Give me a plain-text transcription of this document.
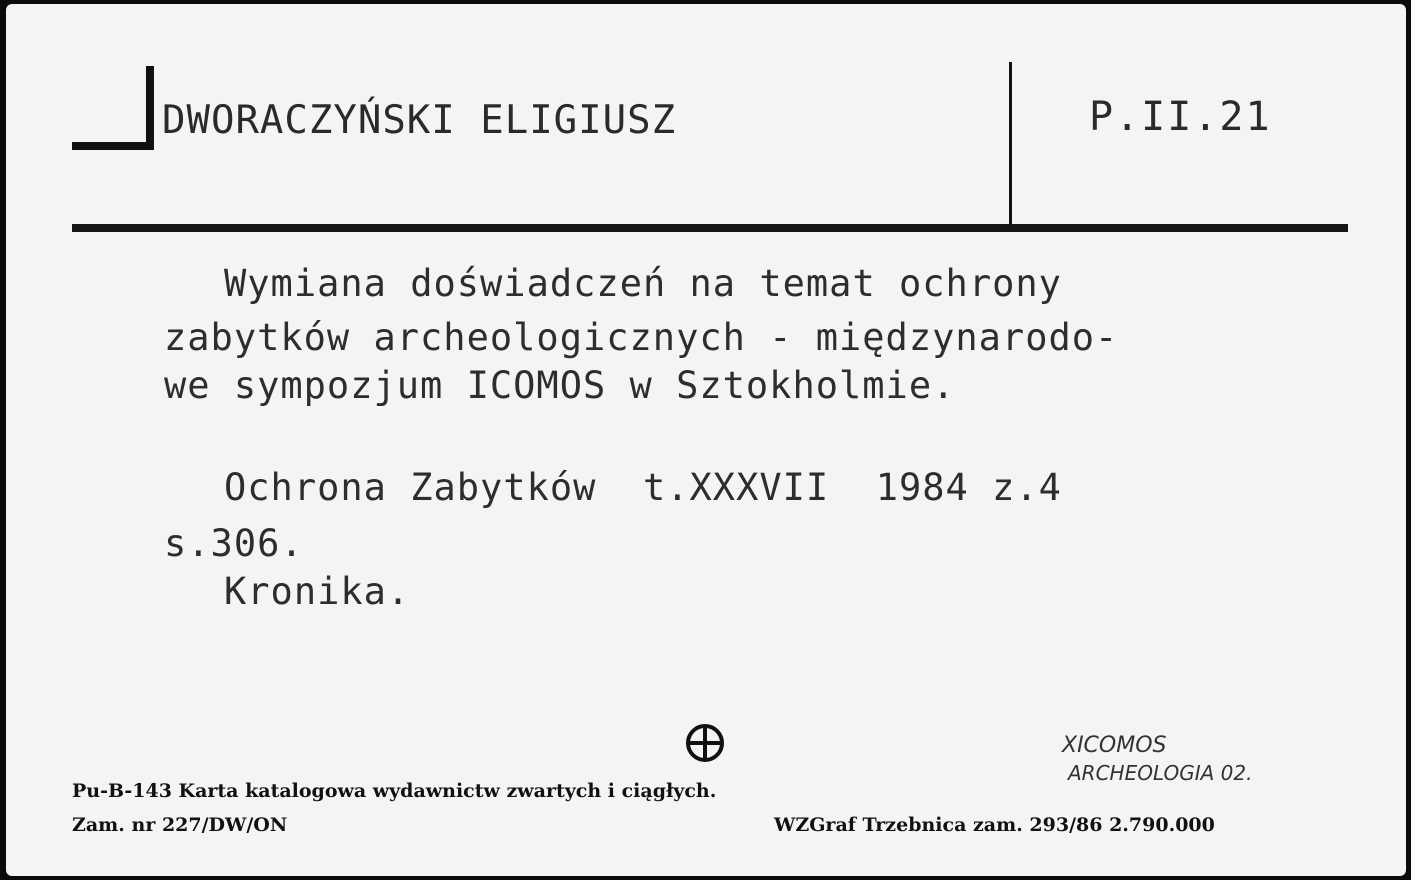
DWORACZYŃSKI ELIGIUSZ	P.II.21
Wymiana doświadczeń na temat ochrony
zabytków archeologicznych - międzynarodo-
we sympozjum ICOMOS w Sztokholmie.
Ochrona Zabytków  t.XXXVII  1984 z.4
s.306.
Kronika.
XICOMOS
ARCHEOLOGIA 02.
Pu-B-143 Karta katalogowa wydawnictw zwartych i ciągłych.
Zam. nr 227/DW/ON	WZGraf Trzebnica zam. 293/86 2.790.000
